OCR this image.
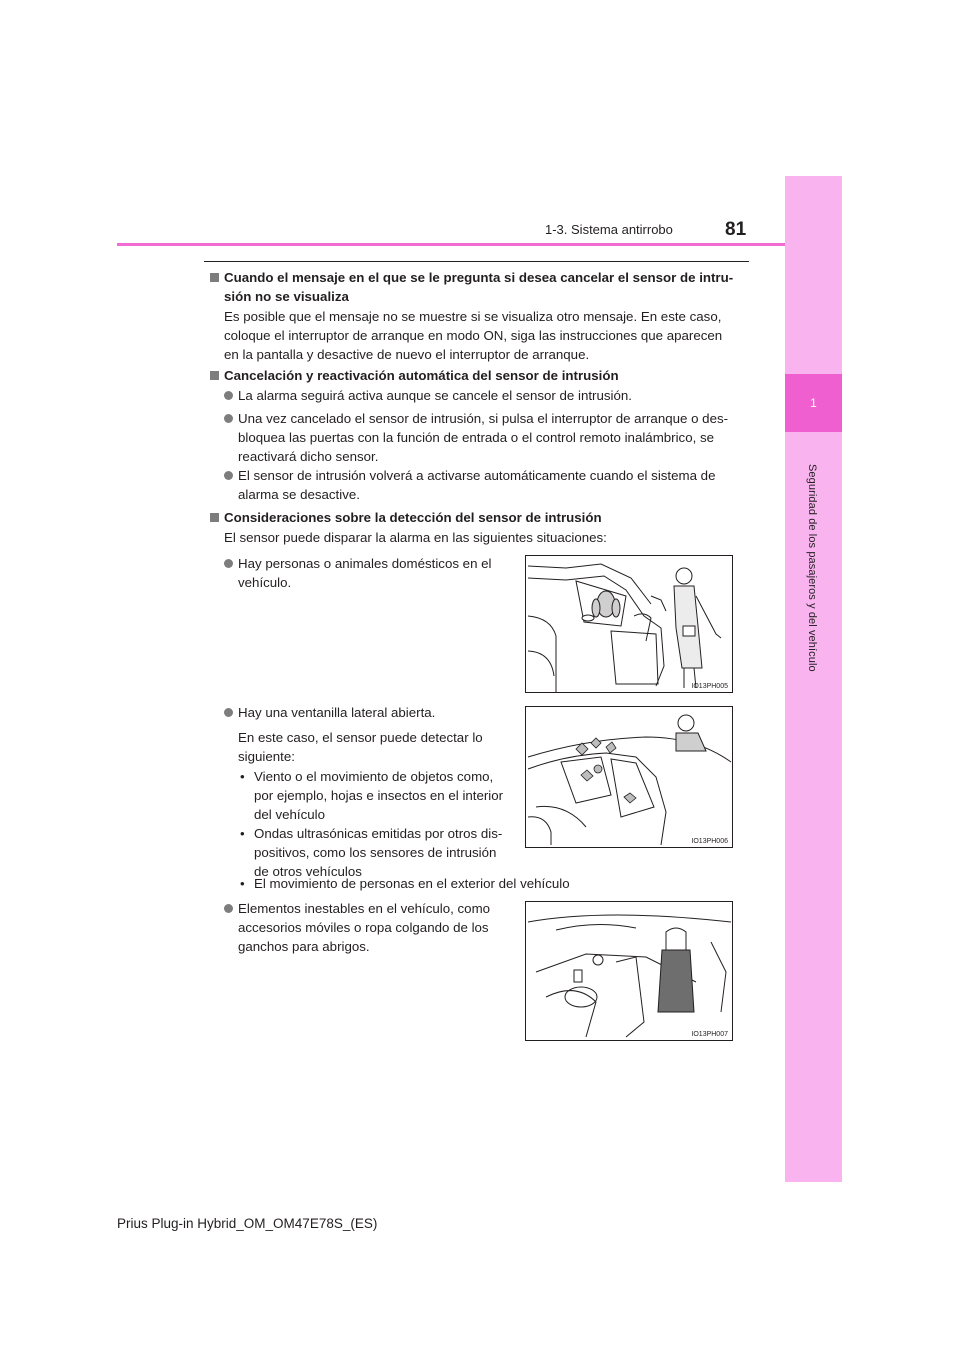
1
Seguridad de los pasajeros y del vehículo
1-3. Sistema antirrobo	81
Cuando el mensaje en el que se le pregunta si desea cancelar el sensor de intru-
sión no se visualiza
Es posible que el mensaje no se muestre si se visualiza otro mensaje. En este caso,
coloque el interruptor de arranque en modo ON, siga las instrucciones que aparecen
en la pantalla y desactive de nuevo el interruptor de arranque.
Cancelación y reactivación automática del sensor de intrusión
La alarma seguirá activa aunque se cancele el sensor de intrusión.
Una vez cancelado el sensor de intrusión, si pulsa el interruptor de arranque o des-
bloquea las puertas con la función de entrada o el control remoto inalámbrico, se
reactivará dicho sensor.
El sensor de intrusión volverá a activarse automáticamente cuando el sistema de
alarma se desactive.
Consideraciones sobre la detección del sensor de intrusión
El sensor puede disparar la alarma en las siguientes situaciones:
Hay personas o animales domésticos en el
vehículo.
IO13PH005
Hay una ventanilla lateral abierta.
En este caso, el sensor puede detectar lo
siguiente:
• Viento o el movimiento de objetos como,
por ejemplo, hojas e insectos en el interior
del vehículo
• Ondas ultrasónicas emitidas por otros dis-
positivos, como los sensores de intrusión
de otros vehículos
• El movimiento de personas en el exterior del vehículo
IO13PH006
Elementos inestables en el vehículo, como
accesorios móviles o ropa colgando de los
ganchos para abrigos.
IO13PH007
Prius Plug-in Hybrid_OM_OM47E78S_(ES)
